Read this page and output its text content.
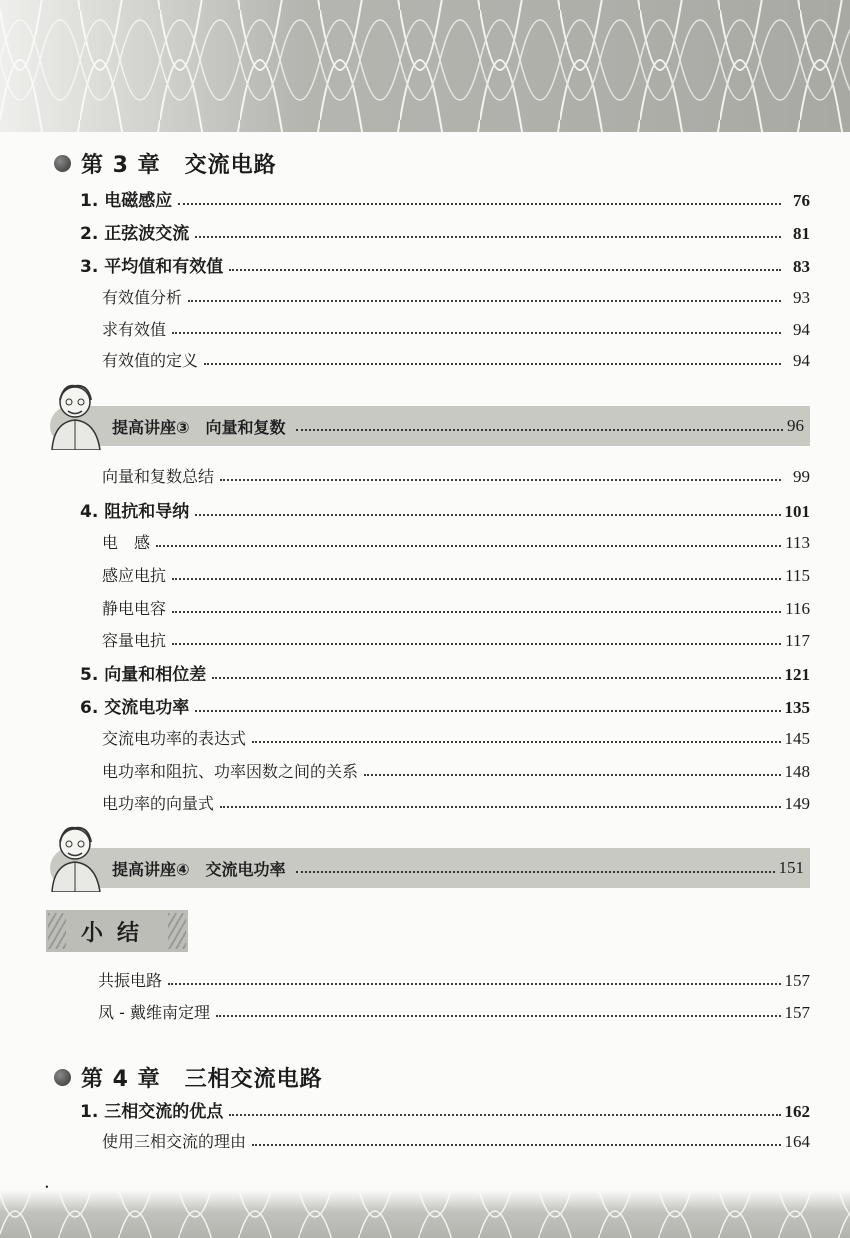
第 3 章 交流电路
1. 电磁感应	76
2. 正弦波交流	81
3. 平均值和有效值	83
有效值分析	93
求有效值	94
有效值的定义	94
提高讲座③　向量和复数	96
向量和复数总结	99
4. 阻抗和导纳	101
电　感	113
感应电抗	115
静电电容	116
容量电抗	117
5. 向量和相位差	121
6. 交流电功率	135
交流电功率的表达式	145
电功率和阻抗、功率因数之间的关系	148
电功率的向量式	149
提高讲座④　交流电功率	151
小结
共振电路	157
凤 - 戴维南定理	157
第 4 章 三相交流电路
1. 三相交流的优点	162
使用三相交流的理由	164
